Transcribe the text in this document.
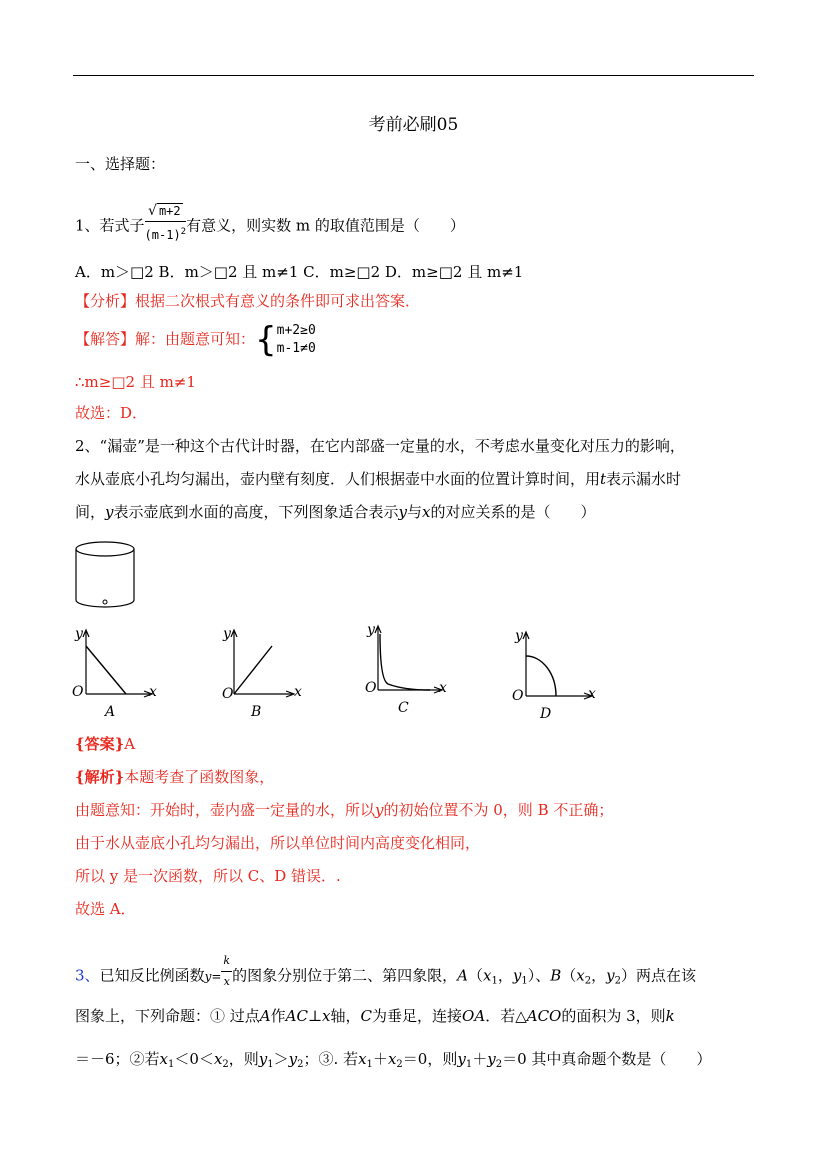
考前必刷05
一、选择题：
1、若式子 $\frac{√ m+2}{(m-1)^2}$ 有意义，则实数 m 的取值范围是（　　）
A．m＞□2 B．m＞□2 且 m≠1 C．m≥□2 D．m≥□2 且 m≠1
【分析】根据二次根式有意义的条件即可求出答案．
【解答】解：由题意可知：{ m+2≥0
m-1≠0
∴m≥□2 且 m≠1
故选：D．
2、“漏壶”是一种这个古代计时器，在它内部盛一定量的水，不考虑水量变化对压力的影响，
水从壶底小孔均匀漏出，壶内壁有刻度．人们根据壶中水面的位置计算时间，用t表示漏水时
间，y表示壶底到水面的高度，下列图象适合表示y与x的对应关系的是（　　）
y
O	x
A
y
O	x
B
y
O	x
C
y
O	x
D
{答案}A
{解析}本题考查了函数图象，
由题意知：开始时，壶内盛一定量的水，所以y的初始位置不为 0，则 B 不正确；
由于水从壶底小孔均匀漏出，所以单位时间内高度变化相同，
所以 y 是一次函数，所以 C、D 错误．.
故选 A．
3、已知反比例函数$y= \frac{k}{x}$ 的图象分别位于第二、第四象限，$A(x_1$，$y_1$）、$B(x_2$，$y_2$）两点在该
图象上，下列命题：① 过点A作AC⊥x轴，C为垂足，连接OA．若△ACO的面积为 3，则k
＝－6；②若$x_1<0<x_2$，则$y_1>y_2$；③. 若$x_1+x_2=0$，则$y_1+y_2=0$ 其中真命题个数是（　　）
